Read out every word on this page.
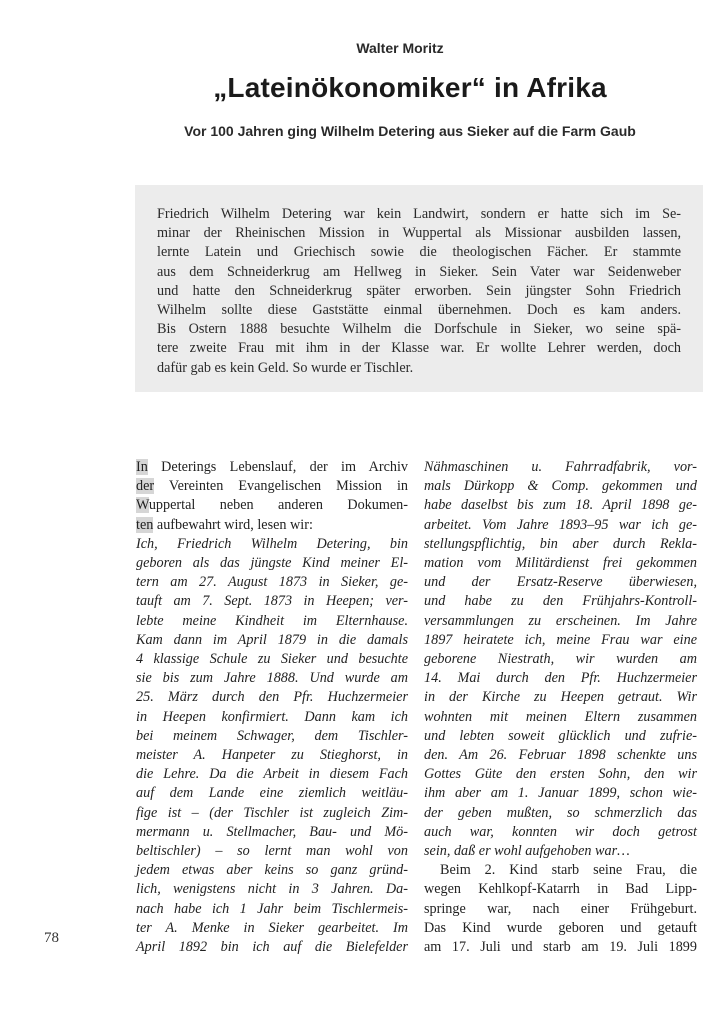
Walter Moritz
„Lateinökonomiker“ in Afrika
Vor 100 Jahren ging Wilhelm Detering aus Sieker auf die Farm Gaub
Friedrich Wilhelm Detering war kein Landwirt, sondern er hatte sich im Se-
minar der Rheinischen Mission in Wuppertal als Missionar ausbilden lassen,
lernte Latein und Griechisch sowie die theologischen Fächer. Er stammte
aus dem Schneiderkrug am Hellweg in Sieker. Sein Vater war Seidenweber
und hatte den Schneiderkrug später erworben. Sein jüngster Sohn Friedrich
Wilhelm sollte diese Gaststätte einmal übernehmen. Doch es kam anders.
Bis Ostern 1888 besuchte Wilhelm die Dorfschule in Sieker, wo seine spä-
tere zweite Frau mit ihm in der Klasse war. Er wollte Lehrer werden, doch
dafür gab es kein Geld. So wurde er Tischler.
In Deterings Lebenslauf, der im Archiv
der Vereinten Evangelischen Mission in
Wuppertal neben anderen Dokumen-
ten aufbewahrt wird, lesen wir:
Ich, Friedrich Wilhelm Detering, bin
geboren als das jüngste Kind meiner El-
tern am 27. August 1873 in Sieker, ge-
tauft am 7. Sept. 1873 in Heepen; ver-
lebte meine Kindheit im Elternhause.
Kam dann im April 1879 in die damals
4 klassige Schule zu Sieker und besuchte
sie bis zum Jahre 1888. Und wurde am
25. März durch den Pfr. Huchzermeier
in Heepen konfirmiert. Dann kam ich
bei meinem Schwager, dem Tischler-
meister A. Hanpeter zu Stieghorst, in
die Lehre. Da die Arbeit in diesem Fach
auf dem Lande eine ziemlich weitläu-
fige ist – (der Tischler ist zugleich Zim-
mermann u. Stellmacher, Bau- und Mö-
beltischler) – so lernt man wohl von
jedem etwas aber keins so ganz gründ-
lich, wenigstens nicht in 3 Jahren. Da-
nach habe ich 1 Jahr beim Tischlermeis-
ter A. Menke in Sieker gearbeitet. Im
April 1892 bin ich auf die Bielefelder
Nähmaschinen u. Fahrradfabrik, vor-
mals Dürkopp & Comp. gekommen und
habe daselbst bis zum 18. April 1898 ge-
arbeitet. Vom Jahre 1893–95 war ich ge-
stellungspflichtig, bin aber durch Rekla-
mation vom Militärdienst frei gekommen
und der Ersatz-Reserve überwiesen,
und habe zu den Frühjahrs-Kontroll-
versammlungen zu erscheinen. Im Jahre
1897 heiratete ich, meine Frau war eine
geborene Niestrath, wir wurden am
14. Mai durch den Pfr. Huchzermeier
in der Kirche zu Heepen getraut. Wir
wohnten mit meinen Eltern zusammen
und lebten soweit glücklich und zufrie-
den. Am 26. Februar 1898 schenkte uns
Gottes Güte den ersten Sohn, den wir
ihm aber am 1. Januar 1899, schon wie-
der geben mußten, so schmerzlich das
auch war, konnten wir doch getrost
sein, daß er wohl aufgehoben war…
Beim 2. Kind starb seine Frau, die
wegen Kehlkopf-Katarrh in Bad Lipp-
springe war, nach einer Frühgeburt.
Das Kind wurde geboren und getauft
am 17. Juli und starb am 19. Juli 1899
78
